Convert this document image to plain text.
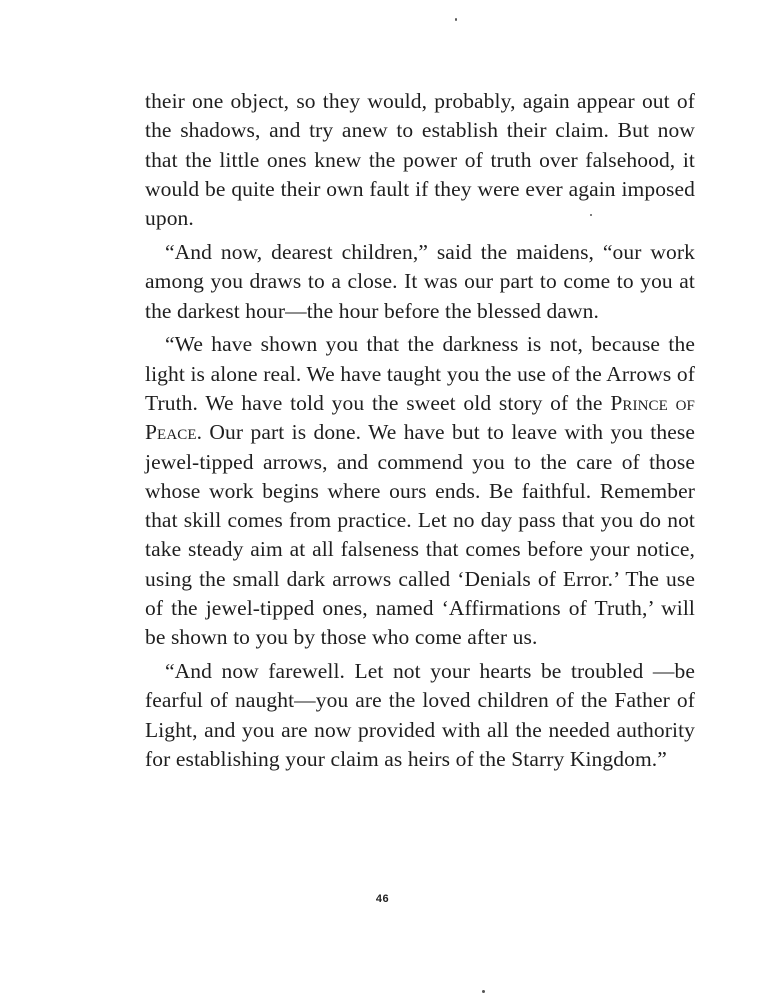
their one object, so they would, probably, again appear out of the shadows, and try anew to establish their claim. But now that the little ones knew the power of truth over falsehood, it would be quite their own fault if they were ever again imposed upon.

“And now, dearest children,” said the maidens, “our work among you draws to a close. It was our part to come to you at the darkest hour—the hour before the blessed dawn.

“We have shown you that the darkness is not, because the light is alone real. We have taught you the use of the Arrows of Truth. We have told you the sweet old story of the Prince of Peace. Our part is done. We have but to leave with you these jewel-tipped arrows, and commend you to the care of those whose work begins where ours ends. Be faithful. Remember that skill comes from practice. Let no day pass that you do not take steady aim at all falseness that comes before your notice, using the small dark arrows called ‘Denials of Error.’ The use of the jewel-tipped ones, named ‘Affirmations of Truth,’ will be shown to you by those who come after us.

“And now farewell. Let not your hearts be troubled —be fearful of naught—you are the loved children of the Father of Light, and you are now provided with all the needed authority for establishing your claim as heirs of the Starry Kingdom.”

46
